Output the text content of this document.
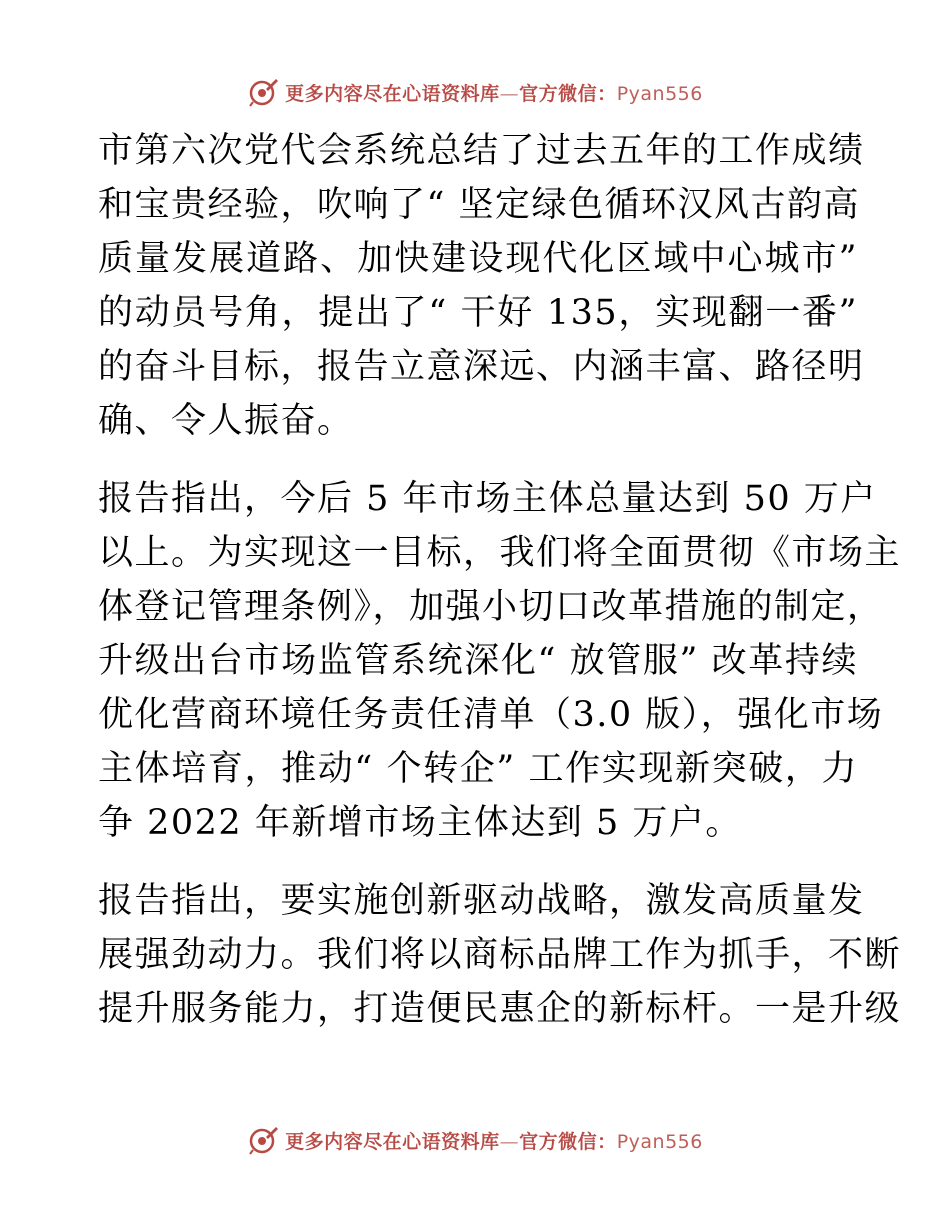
更多内容尽在心语资料库—官方微信：Pyan556

市第六次党代会系统总结了过去五年的工作成绩
和宝贵经验，吹响了“ 坚定绿色循环汉风古韵高
质量发展道路、加快建设现代化区域中心城市”
的动员号角，提出了“ 干好 135，实现翻一番”
的奋斗目标，报告立意深远、内涵丰富、路径明
确、令人振奋。

报告指出，今后 5 年市场主体总量达到 50 万户
以上。为实现这一目标，我们将全面贯彻《市场主
体登记管理条例》，加强小切口改革措施的制定，
升级出台市场监管系统深化“ 放管服” 改革持续
优化营商环境任务责任清单（3.0 版），强化市场
主体培育，推动“ 个转企” 工作实现新突破，力
争 2022 年新增市场主体达到 5 万户。

报告指出，要实施创新驱动战略，激发高质量发
展强劲动力。我们将以商标品牌工作为抓手，不断
提升服务能力，打造便民惠企的新标杆。一是升级

更多内容尽在心语资料库—官方微信：Pyan556
